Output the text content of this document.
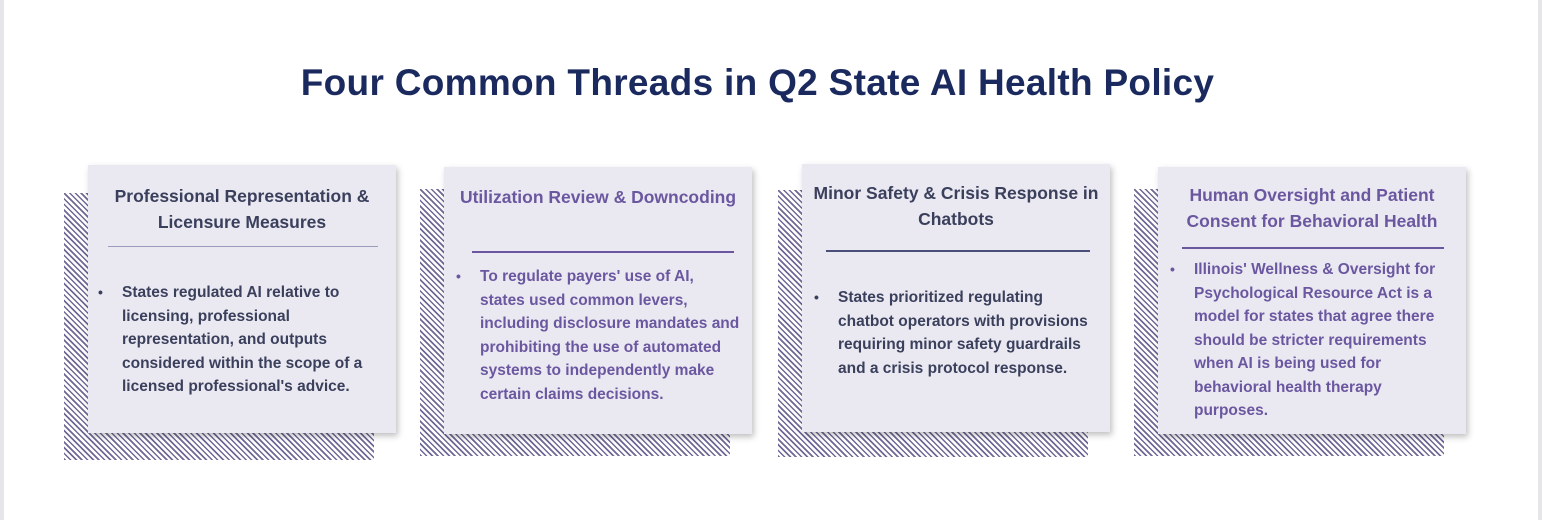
Four Common Threads in Q2 State AI Health Policy
Professional Representation & Licensure Measures
• States regulated AI relative to licensing, professional representation, and outputs considered within the scope of a licensed professional's advice.
Utilization Review & Downcoding
• To regulate payers' use of AI, states used common levers, including disclosure mandates and prohibiting the use of automated systems to independently make certain claims decisions.
Minor Safety & Crisis Response in Chatbots
• States prioritized regulating chatbot operators with provisions requiring minor safety guardrails and a crisis protocol response.
Human Oversight and Patient Consent for Behavioral Health
• Illinois' Wellness & Oversight for Psychological Resource Act is a model for states that agree there should be stricter requirements when AI is being used for behavioral health therapy purposes.
